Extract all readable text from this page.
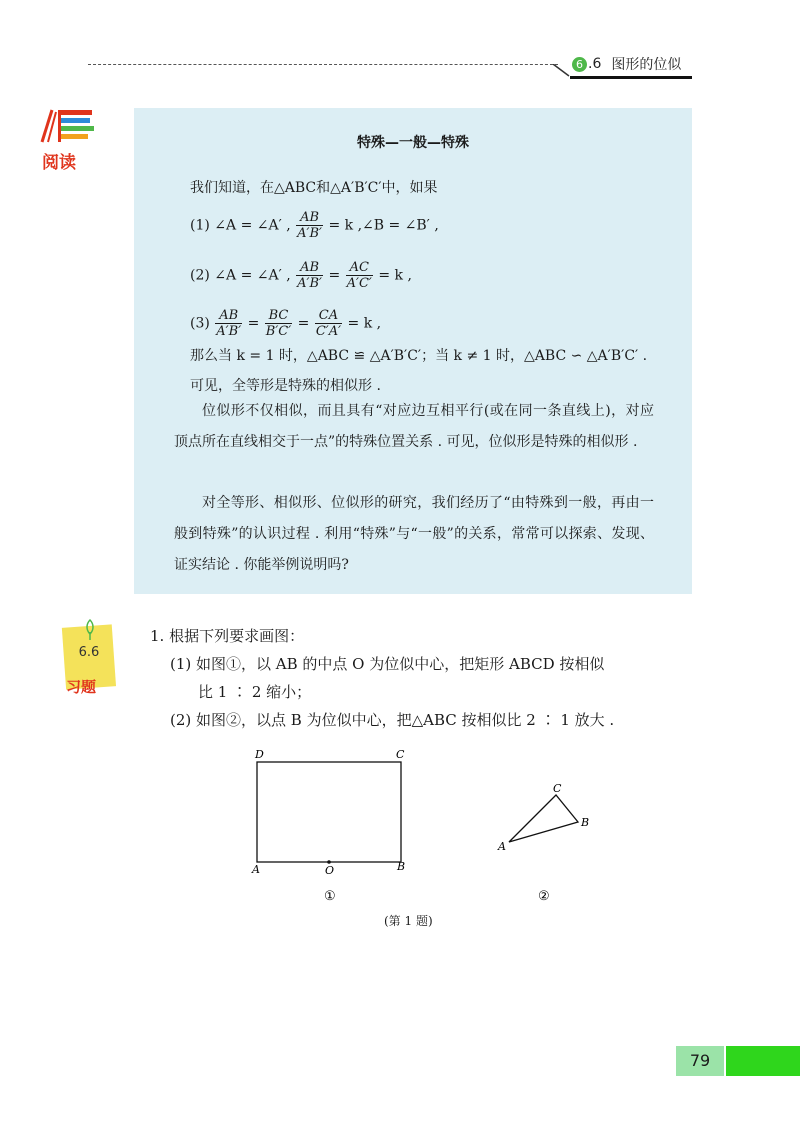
6 .6 图形的位似
阅读
特殊—一般—特殊
我们知道，在△ABC和△A′B′C′中，如果
(1) ∠A = ∠A′ , $\frac{AB}{A'B'} = k$ ,∠B = ∠B′ ,
(2) ∠A = ∠A′ , $\frac{AB}{A'B'} = \frac{AC}{A'C'} = k$ ,
$(3) \frac{AB}{A'B'} = \frac{BC}{B'C'} = \frac{CA}{C'A'} = k$ ,
那么当 k = 1 时，△ABC ≌ △A′B′C′；当 k ≠ 1 时，△ABC ∽ △A′B′C′ .
可见，全等形是特殊的相似形 .
位似形不仅相似，而且具有“对应边互相平行(或在同一条直线上)，对应顶点所在直线相交于一点”的特殊位置关系 . 可见，位似形是特殊的相似形 .
对全等形、相似形、位似形的研究，我们经历了“由特殊到一般，再由一般到特殊”的认识过程 . 利用“特殊”与“一般”的关系，常常可以探索、发现、证实结论 . 你能举例说明吗?
6.6
习题
1. 根据下列要求画图：
(1) 如图①，以 AB 的中点 O 为位似中心，把矩形 ABCD 按相似
比 1 ∶ 2 缩小；
(2) 如图②，以点 B 为位似中心，把△ABC 按相似比 2 ∶ 1 放大 .
D	C
A	B
O
A
C
B
①	②
(第 1 题)
79
